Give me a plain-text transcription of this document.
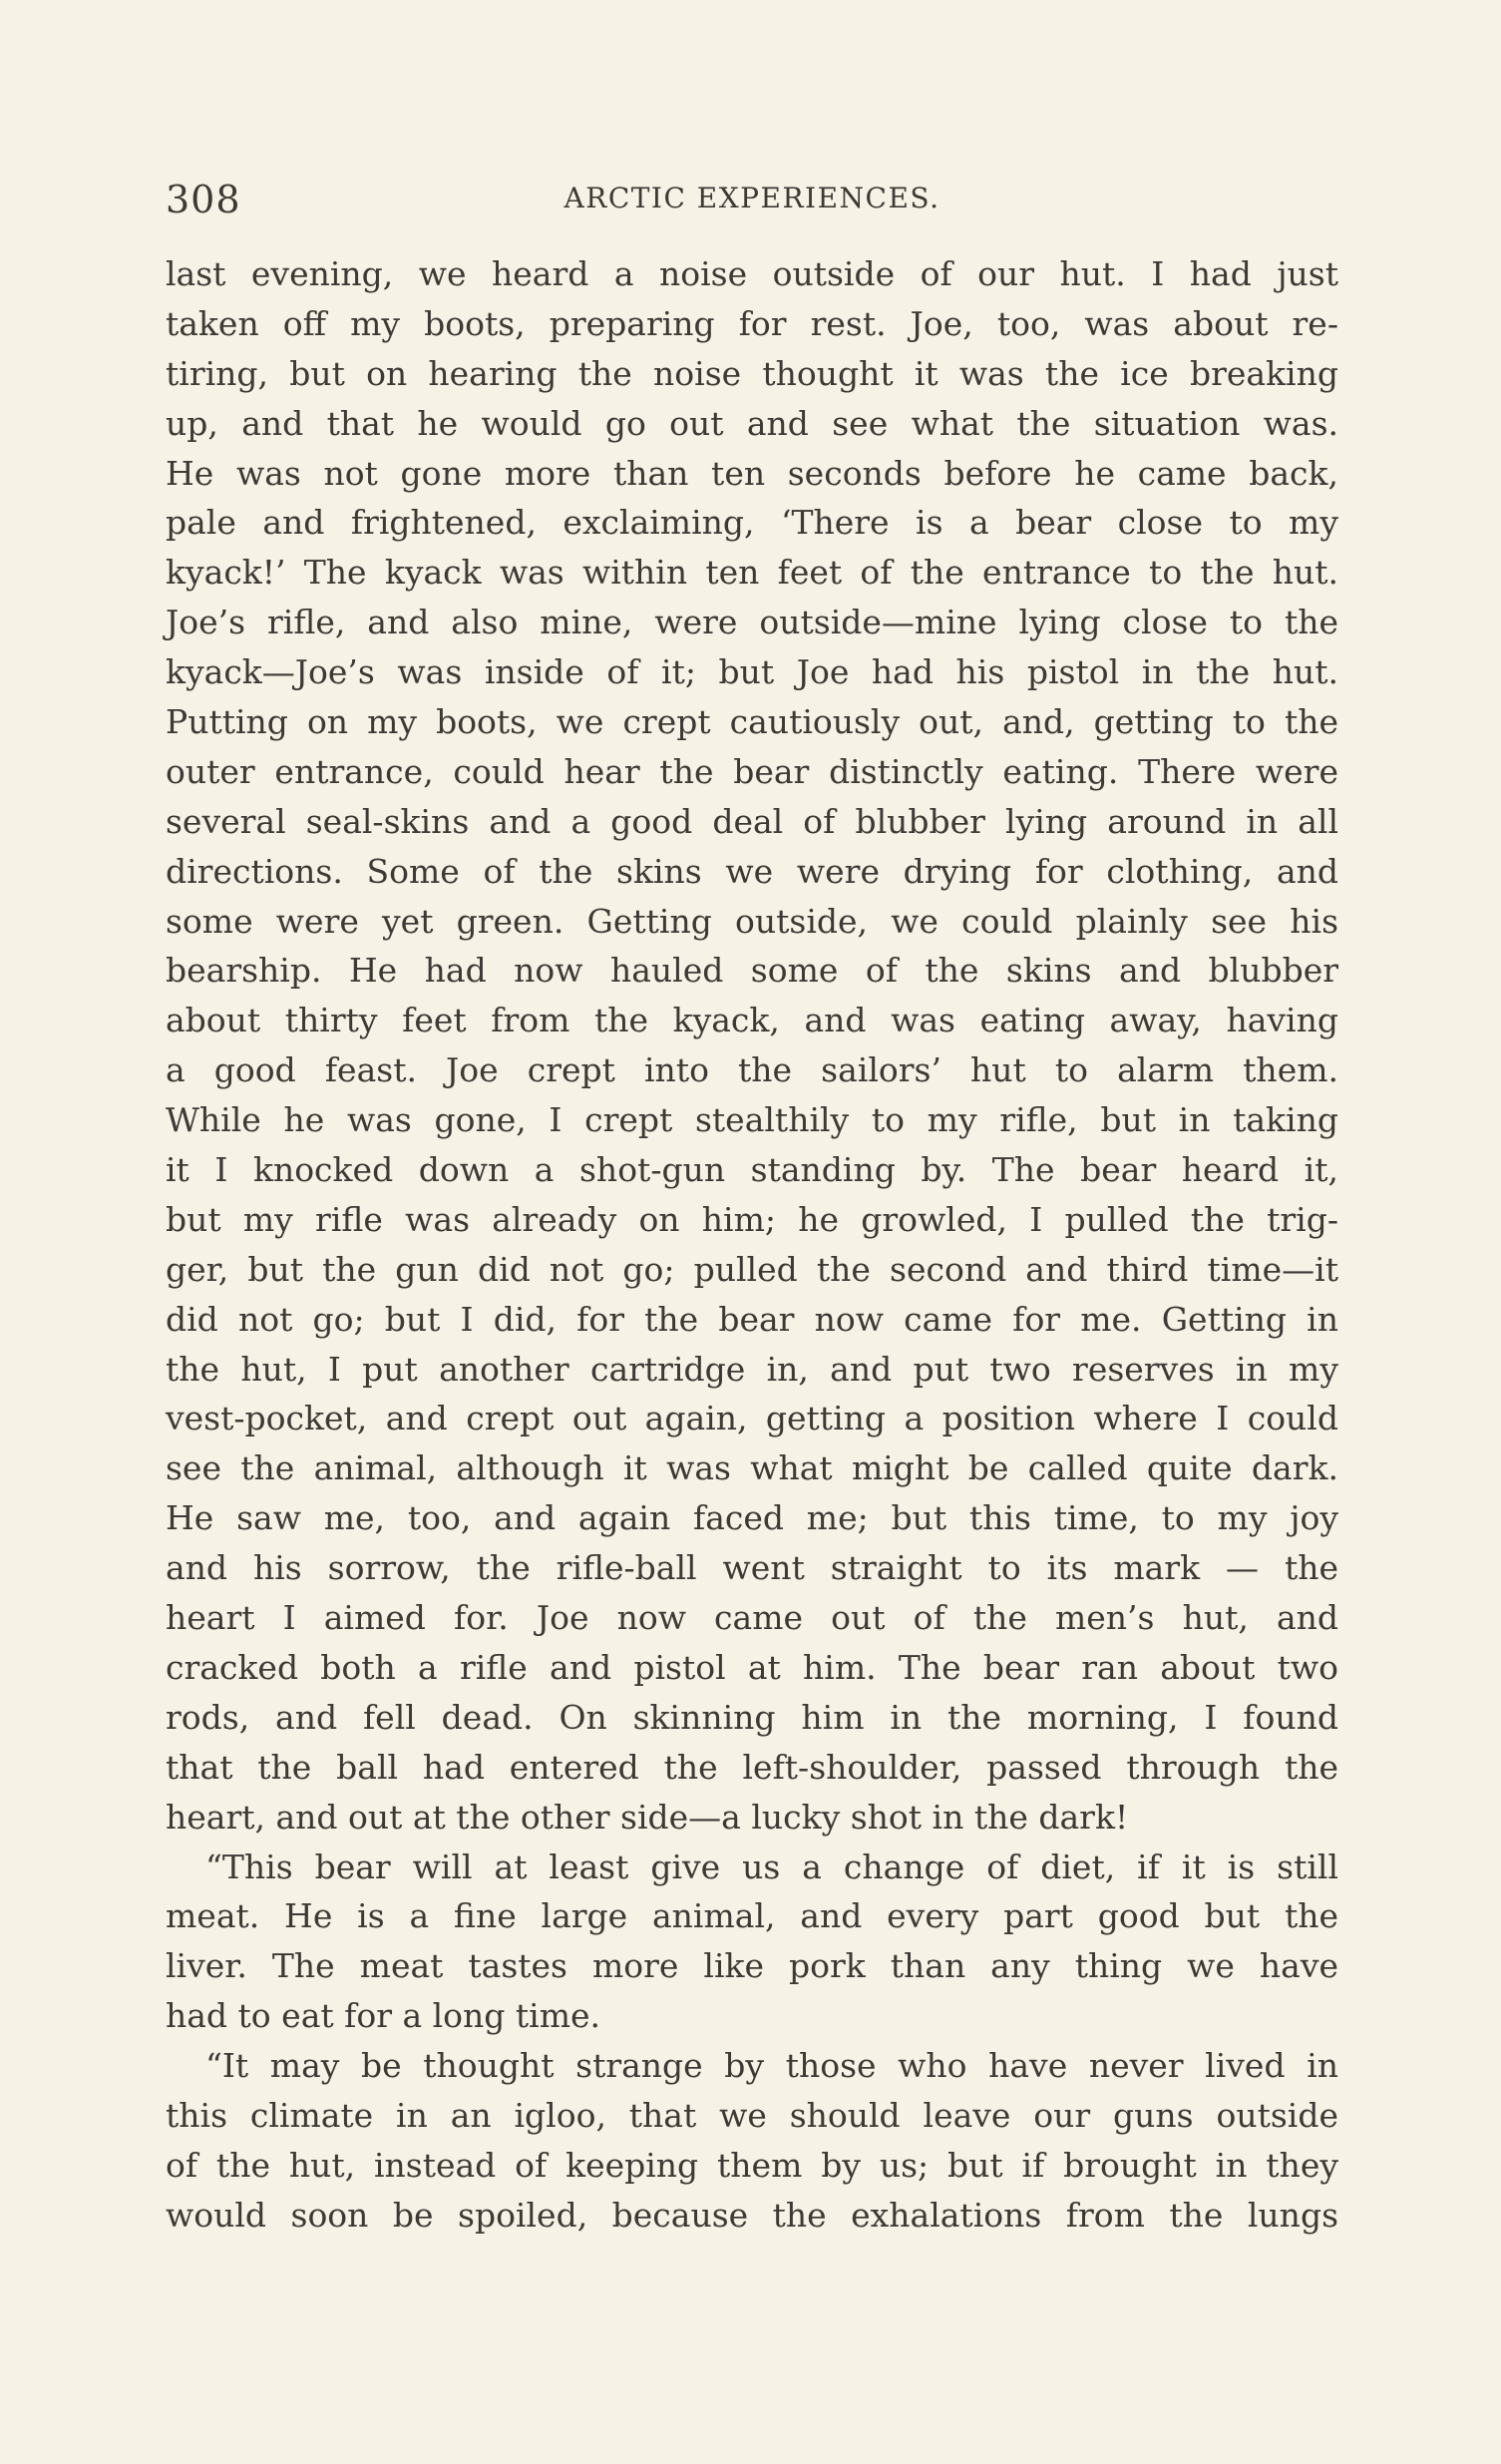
308	ARCTIC EXPERIENCES.
last evening, we heard a noise outside of our hut. I had just
taken off my boots, preparing for rest. Joe, too, was about re-
tiring, but on hearing the noise thought it was the ice breaking
up, and that he would go out and see what the situation was.
He was not gone more than ten seconds before he came back,
pale and frightened, exclaiming, ‘There is a bear close to my
kyack!’ The kyack was within ten feet of the entrance to the hut.
Joe’s rifle, and also mine, were outside—mine lying close to the
kyack—Joe’s was inside of it; but Joe had his pistol in the hut.
Putting on my boots, we crept cautiously out, and, getting to the
outer entrance, could hear the bear distinctly eating. There were
several seal-skins and a good deal of blubber lying around in all
directions. Some of the skins we were drying for clothing, and
some were yet green. Getting outside, we could plainly see his
bearship. He had now hauled some of the skins and blubber
about thirty feet from the kyack, and was eating away, having
a good feast. Joe crept into the sailors’ hut to alarm them.
While he was gone, I crept stealthily to my rifle, but in taking
it I knocked down a shot-gun standing by. The bear heard it,
but my rifle was already on him; he growled, I pulled the trig-
ger, but the gun did not go; pulled the second and third time—it
did not go; but I did, for the bear now came for me. Getting in
the hut, I put another cartridge in, and put two reserves in my
vest-pocket, and crept out again, getting a position where I could
see the animal, although it was what might be called quite dark.
He saw me, too, and again faced me; but this time, to my joy
and his sorrow, the rifle-ball went straight to its mark — the
heart I aimed for. Joe now came out of the men’s hut, and
cracked both a rifle and pistol at him. The bear ran about two
rods, and fell dead. On skinning him in the morning, I found
that the ball had entered the left-shoulder, passed through the
heart, and out at the other side—a lucky shot in the dark!
“This bear will at least give us a change of diet, if it is still
meat. He is a fine large animal, and every part good but the
liver. The meat tastes more like pork than any thing we have
had to eat for a long time.
“It may be thought strange by those who have never lived in
this climate in an igloo, that we should leave our guns outside
of the hut, instead of keeping them by us; but if brought in they
would soon be spoiled, because the exhalations from the lungs
